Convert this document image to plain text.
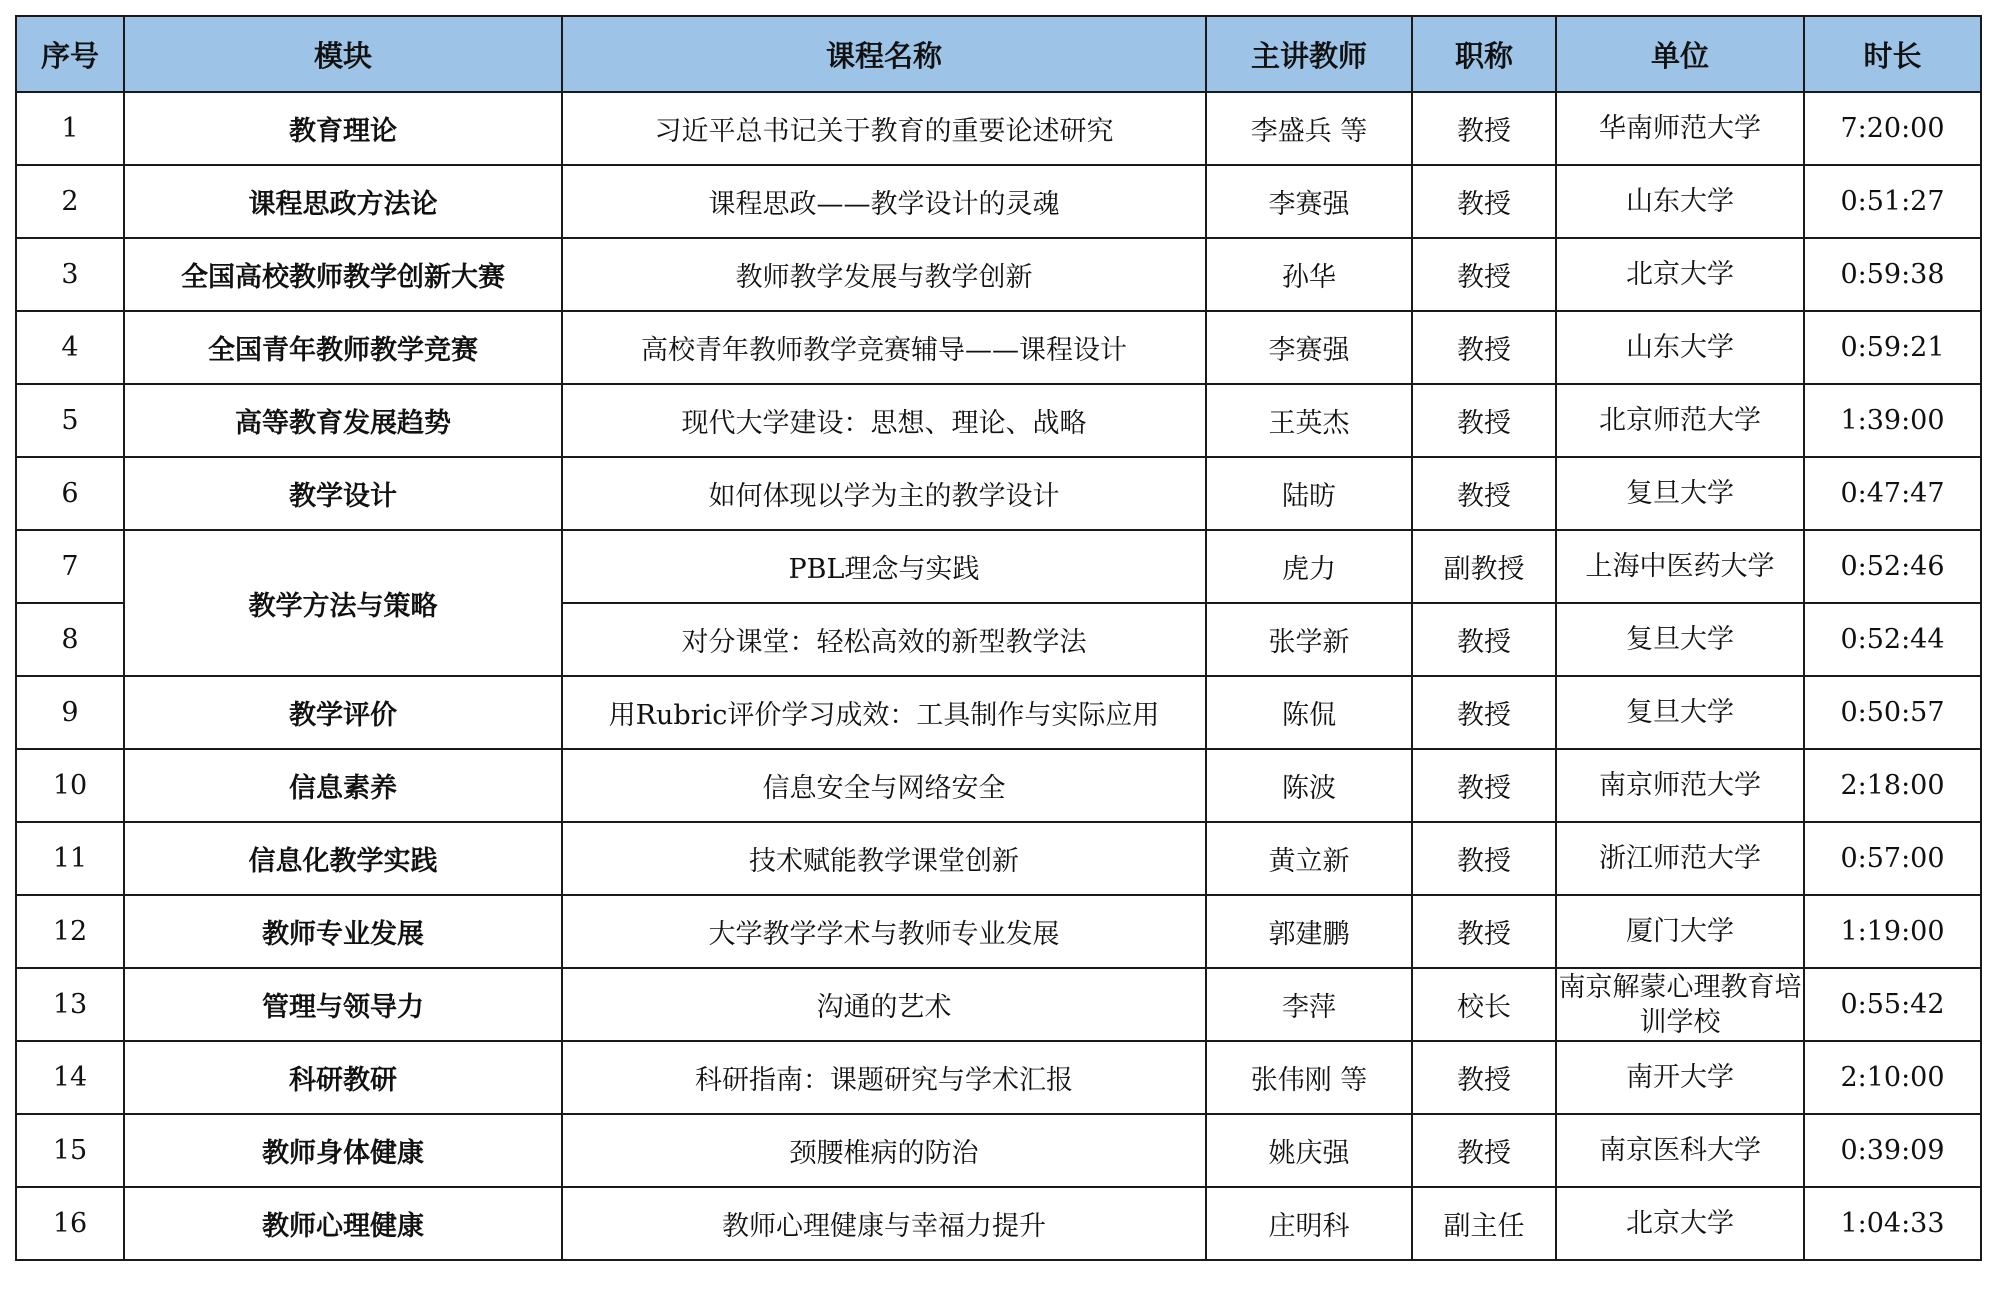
序号	模块	课程名称	主讲教师	职称	单位	时长
1	教育理论	习近平总书记关于教育的重要论述研究	李盛兵 等	教授	华南师范大学	7:20:00
2	课程思政方法论	课程思政——教学设计的灵魂	李赛强	教授	山东大学	0:51:27
3	全国高校教师教学创新大赛	教师教学发展与教学创新	孙华	教授	北京大学	0:59:38
4	全国青年教师教学竞赛	高校青年教师教学竞赛辅导——课程设计	李赛强	教授	山东大学	0:59:21
5	高等教育发展趋势	现代大学建设：思想、理论、战略	王英杰	教授	北京师范大学	1:39:00
6	教学设计	如何体现以学为主的教学设计	陆昉	教授	复旦大学	0:47:47
7	教学方法与策略	PBL理念与实践	虎力	副教授	上海中医药大学	0:52:46
8		对分课堂：轻松高效的新型教学法	张学新	教授	复旦大学	0:52:44
9	教学评价	用Rubric评价学习成效：工具制作与实际应用	陈侃	教授	复旦大学	0:50:57
10	信息素养	信息安全与网络安全	陈波	教授	南京师范大学	2:18:00
11	信息化教学实践	技术赋能教学课堂创新	黄立新	教授	浙江师范大学	0:57:00
12	教师专业发展	大学教学学术与教师专业发展	郭建鹏	教授	厦门大学	1:19:00
13	管理与领导力	沟通的艺术	李萍	校长	南京解蒙心理教育培训学校	0:55:42
14	科研教研	科研指南：课题研究与学术汇报	张伟刚 等	教授	南开大学	2:10:00
15	教师身体健康	颈腰椎病的防治	姚庆强	教授	南京医科大学	0:39:09
16	教师心理健康	教师心理健康与幸福力提升	庄明科	副主任	北京大学	1:04:33
